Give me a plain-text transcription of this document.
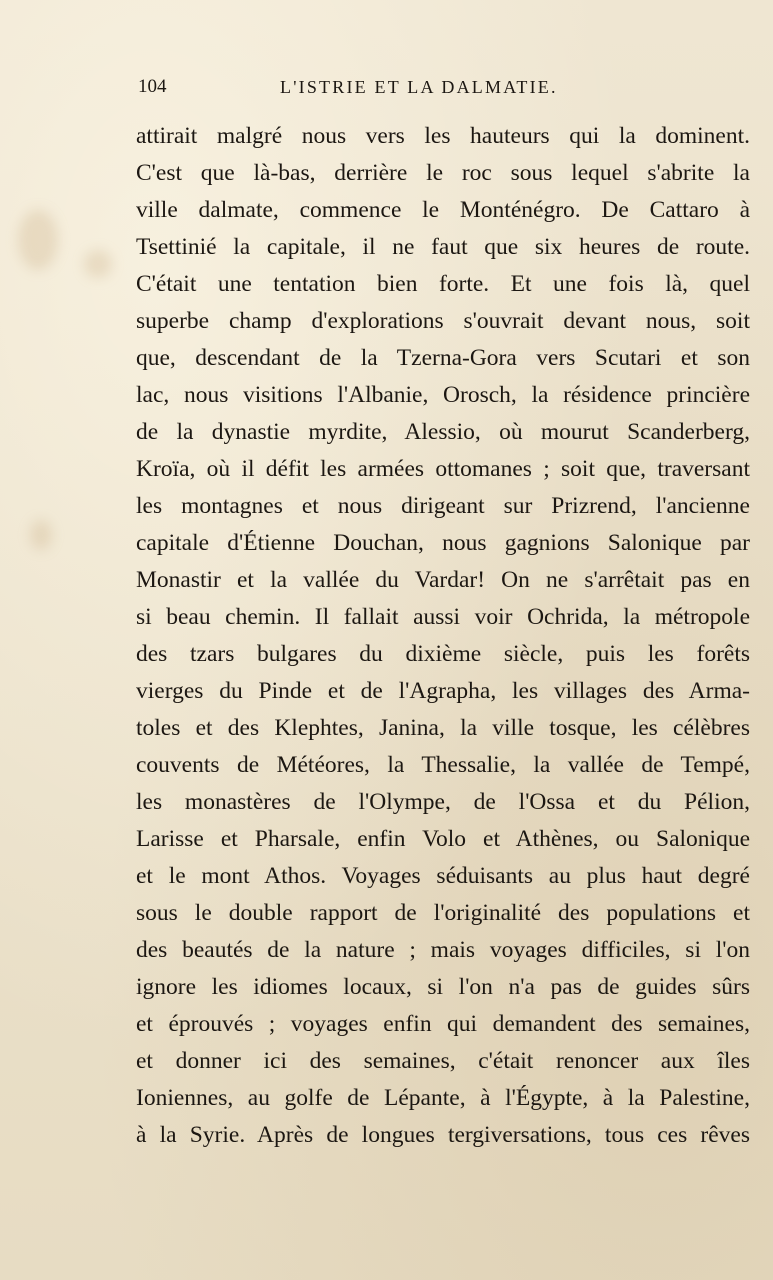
104	L'ISTRIE ET LA DALMATIE.
attirait malgré nous vers les hauteurs qui la dominent.
C'est que là-bas, derrière le roc sous lequel s'abrite la
ville dalmate, commence le Monténégro. De Cattaro à
Tsettinié la capitale, il ne faut que six heures de route.
C'était une tentation bien forte. Et une fois là, quel
superbe champ d'explorations s'ouvrait devant nous, soit
que, descendant de la Tzerna-Gora vers Scutari et son
lac, nous visitions l'Albanie, Orosch, la résidence princière
de la dynastie myrdite, Alessio, où mourut Scanderberg,
Kroïa, où il défit les armées ottomanes ; soit que, traversant
les montagnes et nous dirigeant sur Prizrend, l'ancienne
capitale d'Étienne Douchan, nous gagnions Salonique par
Monastir et la vallée du Vardar! On ne s'arrêtait pas en
si beau chemin. Il fallait aussi voir Ochrida, la métropole
des tzars bulgares du dixième siècle, puis les forêts
vierges du Pinde et de l'Agrapha, les villages des Arma-
toles et des Klephtes, Janina, la ville tosque, les célèbres
couvents de Météores, la Thessalie, la vallée de Tempé,
les monastères de l'Olympe, de l'Ossa et du Pélion,
Larisse et Pharsale, enfin Volo et Athènes, ou Salonique
et le mont Athos. Voyages séduisants au plus haut degré
sous le double rapport de l'originalité des populations et
des beautés de la nature ; mais voyages difficiles, si l'on
ignore les idiomes locaux, si l'on n'a pas de guides sûrs
et éprouvés ; voyages enfin qui demandent des semaines,
et donner ici des semaines, c'était renoncer aux îles
Ioniennes, au golfe de Lépante, à l'Égypte, à la Palestine,
à la Syrie. Après de longues tergiversations, tous ces rêves
